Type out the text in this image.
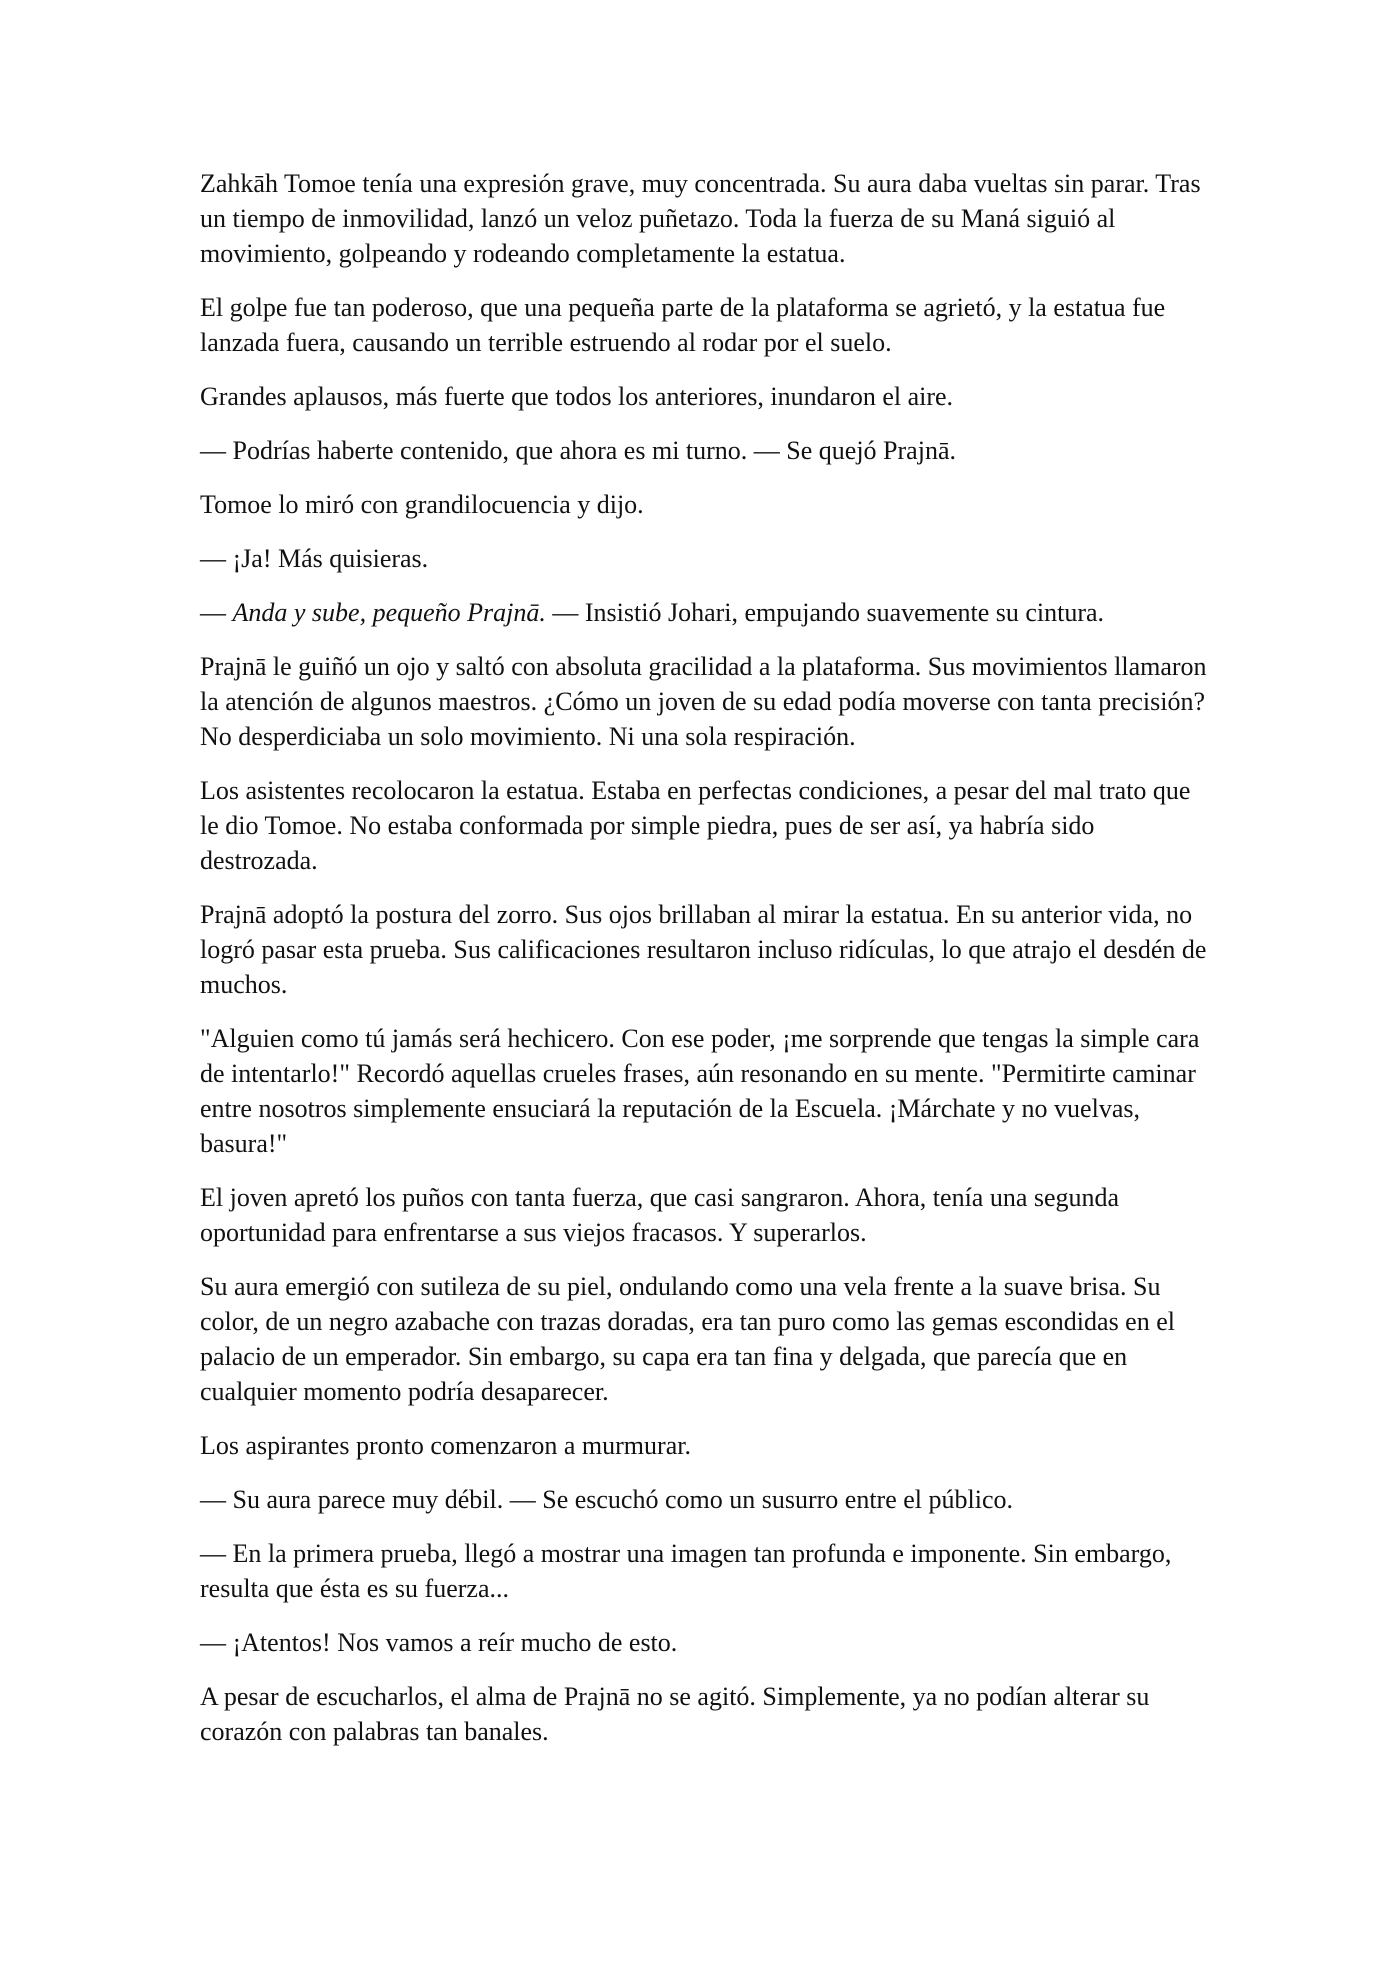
Zahkāh Tomoe tenía una expresión grave, muy concentrada. Su aura daba vueltas sin parar. Tras un tiempo de inmovilidad, lanzó un veloz puñetazo. Toda la fuerza de su Maná siguió al movimiento, golpeando y rodeando completamente la estatua.

El golpe fue tan poderoso, que una pequeña parte de la plataforma se agrietó, y la estatua fue lanzada fuera, causando un terrible estruendo al rodar por el suelo.

Grandes aplausos, más fuerte que todos los anteriores, inundaron el aire.

— Podrías haberte contenido, que ahora es mi turno. — Se quejó Prajnā.

Tomoe lo miró con grandilocuencia y dijo.

— ¡Ja! Más quisieras.

— Anda y sube, pequeño Prajnā. — Insistió Johari, empujando suavemente su cintura.

Prajnā le guiñó un ojo y saltó con absoluta gracilidad a la plataforma. Sus movimientos llamaron la atención de algunos maestros. ¿Cómo un joven de su edad podía moverse con tanta precisión? No desperdiciaba un solo movimiento. Ni una sola respiración.

Los asistentes recolocaron la estatua. Estaba en perfectas condiciones, a pesar del mal trato que le dio Tomoe. No estaba conformada por simple piedra, pues de ser así, ya habría sido destrozada.

Prajnā adoptó la postura del zorro. Sus ojos brillaban al mirar la estatua. En su anterior vida, no logró pasar esta prueba. Sus calificaciones resultaron incluso ridículas, lo que atrajo el desdén de muchos.

"Alguien como tú jamás será hechicero. Con ese poder, ¡me sorprende que tengas la simple cara de intentarlo!" Recordó aquellas crueles frases, aún resonando en su mente. "Permitirte caminar entre nosotros simplemente ensuciará la reputación de la Escuela. ¡Márchate y no vuelvas, basura!"

El joven apretó los puños con tanta fuerza, que casi sangraron. Ahora, tenía una segunda oportunidad para enfrentarse a sus viejos fracasos. Y superarlos.

Su aura emergió con sutileza de su piel, ondulando como una vela frente a la suave brisa. Su color, de un negro azabache con trazas doradas, era tan puro como las gemas escondidas en el palacio de un emperador. Sin embargo, su capa era tan fina y delgada, que parecía que en cualquier momento podría desaparecer.

Los aspirantes pronto comenzaron a murmurar.

— Su aura parece muy débil. — Se escuchó como un susurro entre el público.

— En la primera prueba, llegó a mostrar una imagen tan profunda e imponente. Sin embargo, resulta que ésta es su fuerza...

— ¡Atentos! Nos vamos a reír mucho de esto.

A pesar de escucharlos, el alma de Prajnā no se agitó. Simplemente, ya no podían alterar su corazón con palabras tan banales.
